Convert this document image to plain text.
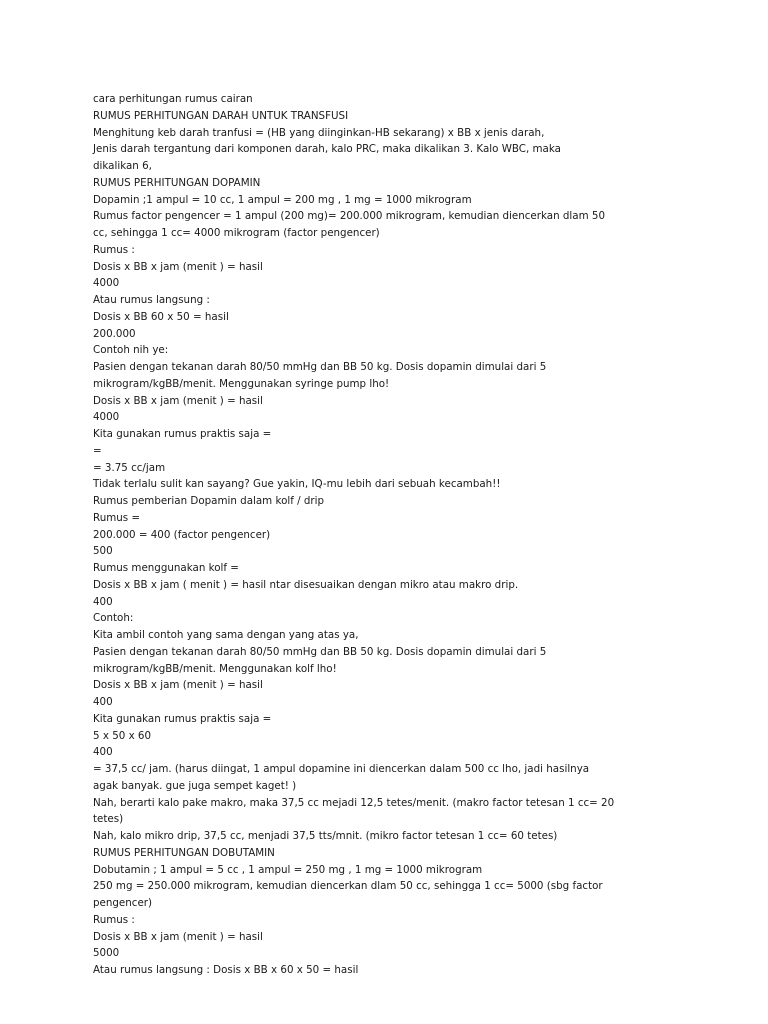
cara perhitungan rumus cairan
RUMUS PERHITUNGAN DARAH UNTUK TRANSFUSI
Menghitung keb darah tranfusi = (HB yang diinginkan-HB sekarang) x BB x jenis darah,
Jenis darah tergantung dari komponen darah, kalo PRC, maka dikalikan 3. Kalo WBC, maka
dikalikan 6,
RUMUS PERHITUNGAN DOPAMIN
Dopamin ;1 ampul = 10 cc, 1 ampul = 200 mg , 1 mg = 1000 mikrogram
Rumus factor pengencer = 1 ampul (200 mg)= 200.000 mikrogram, kemudian diencerkan dlam 50
cc, sehingga 1 cc= 4000 mikrogram (factor pengencer)
Rumus :
Dosis x BB x jam (menit ) = hasil
4000
Atau rumus langsung :
Dosis x BB 60 x 50 = hasil
200.000
Contoh nih ye:
Pasien dengan tekanan darah 80/50 mmHg dan BB 50 kg. Dosis dopamin dimulai dari 5
mikrogram/kgBB/menit. Menggunakan syringe pump lho!
Dosis x BB x jam (menit ) = hasil
4000
Kita gunakan rumus praktis saja =
=
= 3.75 cc/jam
Tidak terlalu sulit kan sayang? Gue yakin, IQ-mu lebih dari sebuah kecambah!!
Rumus pemberian Dopamin dalam kolf / drip
Rumus =
200.000 = 400 (factor pengencer)
500
Rumus menggunakan kolf =
Dosis x BB x jam ( menit ) = hasil ntar disesuaikan dengan mikro atau makro drip.
400
Contoh:
Kita ambil contoh yang sama dengan yang atas ya,
Pasien dengan tekanan darah 80/50 mmHg dan BB 50 kg. Dosis dopamin dimulai dari 5
mikrogram/kgBB/menit. Menggunakan kolf lho!
Dosis x BB x jam (menit ) = hasil
400
Kita gunakan rumus praktis saja =
5 x 50 x 60
400
= 37,5 cc/ jam. (harus diingat, 1 ampul dopamine ini diencerkan dalam 500 cc lho, jadi hasilnya
agak banyak. gue juga sempet kaget! )
Nah, berarti kalo pake makro, maka 37,5 cc mejadi 12,5 tetes/menit. (makro factor tetesan 1 cc= 20
tetes)
Nah, kalo mikro drip, 37,5 cc, menjadi 37,5 tts/mnit. (mikro factor tetesan 1 cc= 60 tetes)
RUMUS PERHITUNGAN DOBUTAMIN
Dobutamin ; 1 ampul = 5 cc , 1 ampul = 250 mg , 1 mg = 1000 mikrogram
250 mg = 250.000 mikrogram, kemudian diencerkan dlam 50 cc, sehingga 1 cc= 5000 (sbg factor
pengencer)
Rumus :
Dosis x BB x jam (menit ) = hasil
5000
Atau rumus langsung : Dosis x BB x 60 x 50 = hasil
